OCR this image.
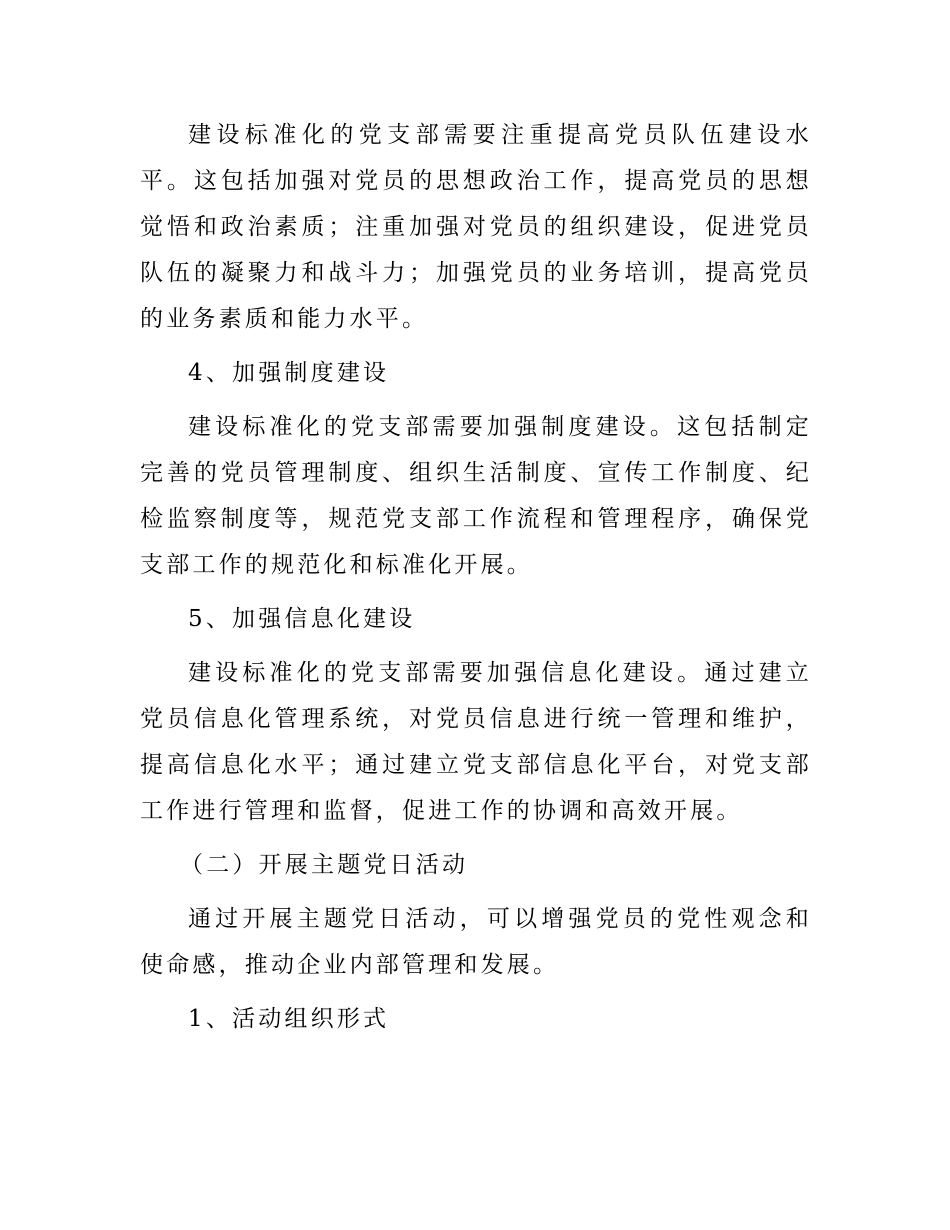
建设标准化的党支部需要注重提高党员队伍建设水平。这包括加强对党员的思想政治工作，提高党员的思想觉悟和政治素质；注重加强对党员的组织建设，促进党员队伍的凝聚力和战斗力；加强党员的业务培训，提高党员的业务素质和能力水平。

4、加强制度建设

建设标准化的党支部需要加强制度建设。这包括制定完善的党员管理制度、组织生活制度、宣传工作制度、纪检监察制度等，规范党支部工作流程和管理程序，确保党支部工作的规范化和标准化开展。

5、加强信息化建设

建设标准化的党支部需要加强信息化建设。通过建立党员信息化管理系统，对党员信息进行统一管理和维护，提高信息化水平；通过建立党支部信息化平台，对党支部工作进行管理和监督，促进工作的协调和高效开展。

（二）开展主题党日活动

通过开展主题党日活动，可以增强党员的党性观念和使命感，推动企业内部管理和发展。

1、活动组织形式
